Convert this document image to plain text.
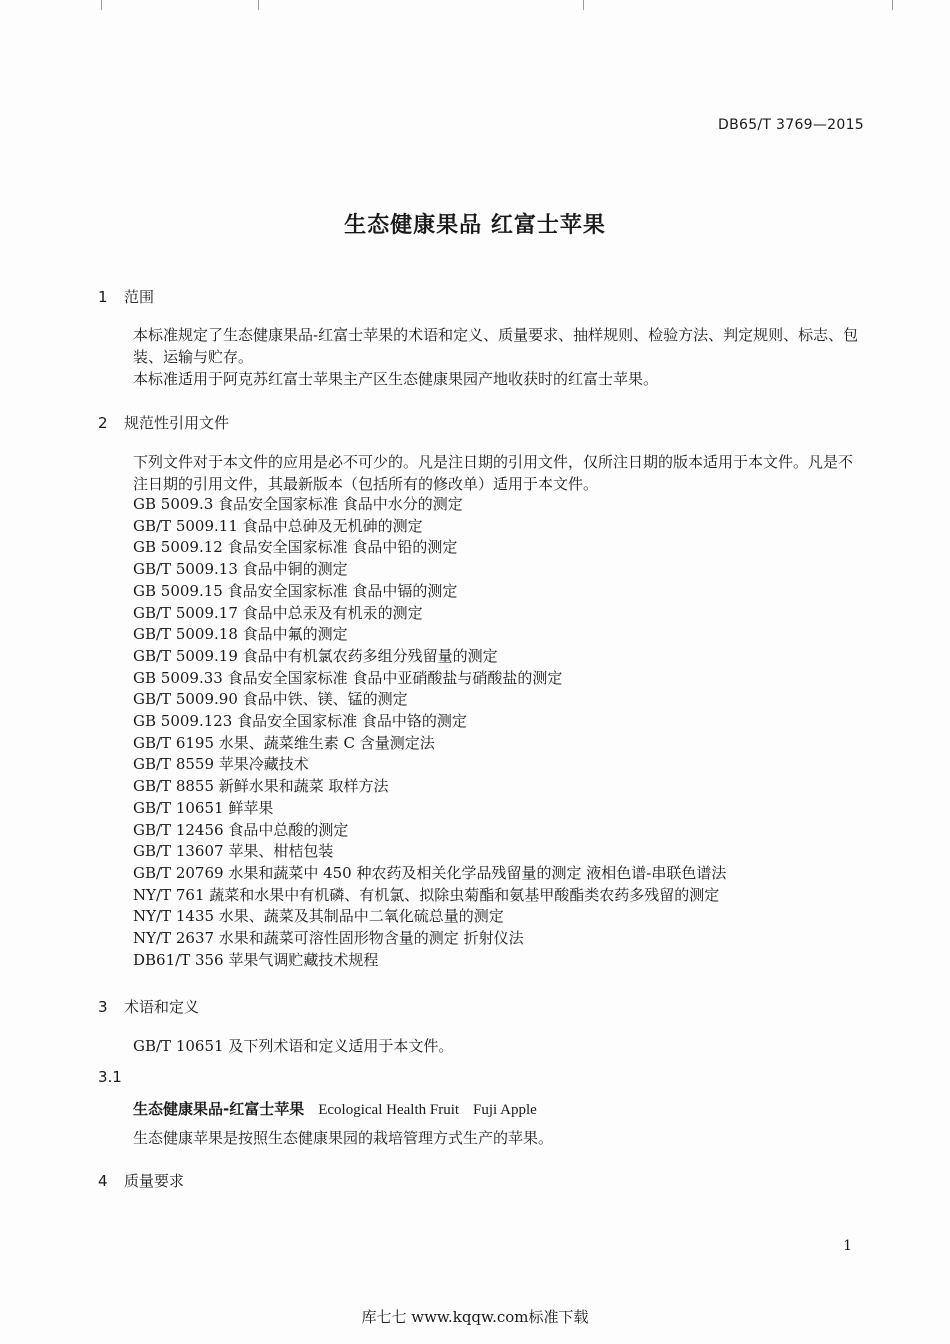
DB65/T 3769—2015
生态健康果品 红富士苹果
1 范围
本标准规定了生态健康果品-红富士苹果的术语和定义、质量要求、抽样规则、检验方法、判定规则、标志、包装、运输与贮存。
本标准适用于阿克苏红富士苹果主产区生态健康果园产地收获时的红富士苹果。
2 规范性引用文件
下列文件对于本文件的应用是必不可少的。凡是注日期的引用文件，仅所注日期的版本适用于本文件。凡是不注日期的引用文件，其最新版本（包括所有的修改单）适用于本文件。
GB 5009.3 食品安全国家标准 食品中水分的测定
GB/T 5009.11 食品中总砷及无机砷的测定
GB 5009.12 食品安全国家标准 食品中铅的测定
GB/T 5009.13 食品中铜的测定
GB 5009.15 食品安全国家标准 食品中镉的测定
GB/T 5009.17 食品中总汞及有机汞的测定
GB/T 5009.18 食品中氟的测定
GB/T 5009.19 食品中有机氯农药多组分残留量的测定
GB 5009.33 食品安全国家标准 食品中亚硝酸盐与硝酸盐的测定
GB/T 5009.90 食品中铁、镁、锰的测定
GB 5009.123 食品安全国家标准 食品中铬的测定
GB/T 6195 水果、蔬菜维生素 C 含量测定法
GB/T 8559 苹果冷藏技术
GB/T 8855 新鲜水果和蔬菜 取样方法
GB/T 10651 鲜苹果
GB/T 12456 食品中总酸的测定
GB/T 13607 苹果、柑桔包装
GB/T 20769 水果和蔬菜中 450 种农药及相关化学品残留量的测定 液相色谱-串联色谱法
NY/T 761 蔬菜和水果中有机磷、有机氯、拟除虫菊酯和氨基甲酸酯类农药多残留的测定
NY/T 1435 水果、蔬菜及其制品中二氧化硫总量的测定
NY/T 2637 水果和蔬菜可溶性固形物含量的测定 折射仪法
DB61/T 356 苹果气调贮藏技术规程
3 术语和定义
GB/T 10651 及下列术语和定义适用于本文件。
3.1
生态健康果品-红富士苹果 Ecological Health Fruit Fuji Apple
生态健康苹果是按照生态健康果园的栽培管理方式生产的苹果。
4 质量要求
1
库七七 www.kqqw.com标准下载
